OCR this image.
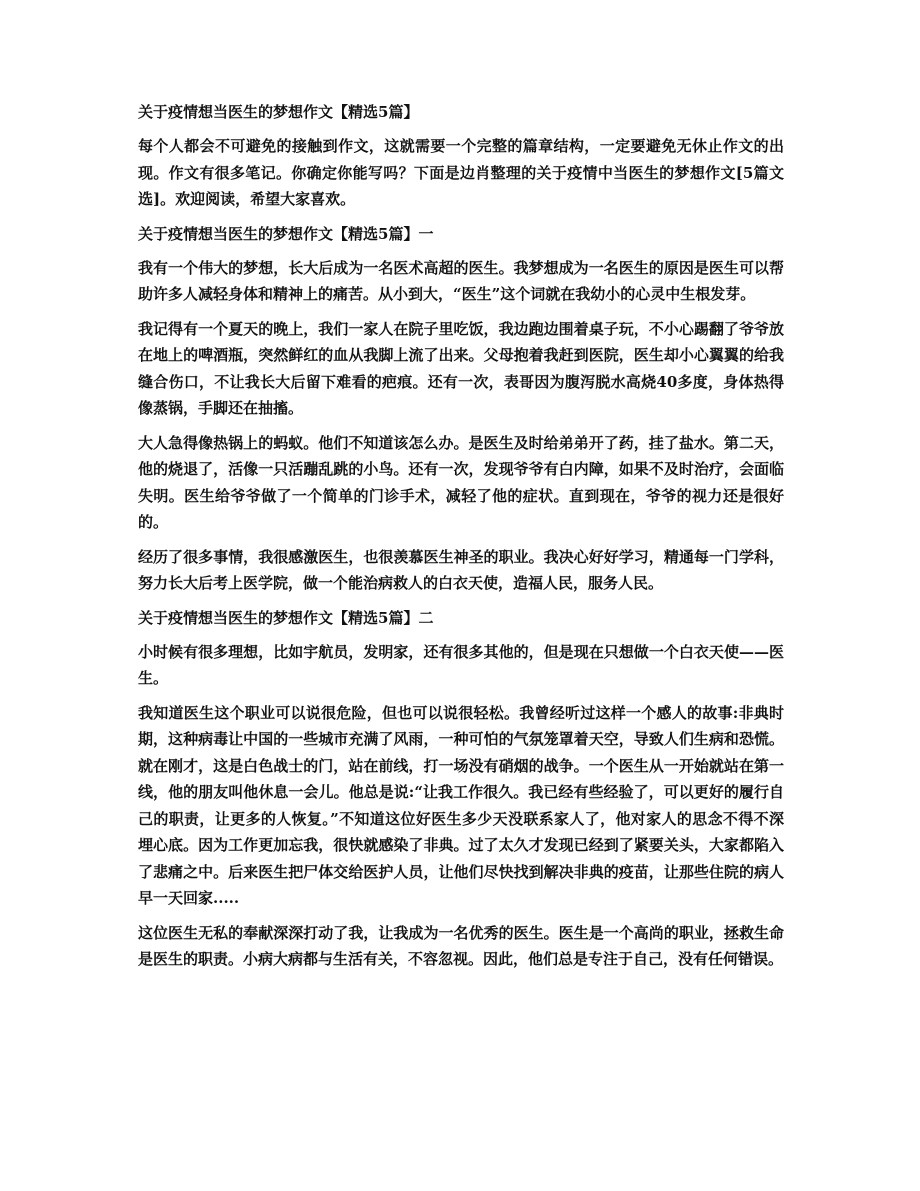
关于疫情想当医生的梦想作文【精选5篇】
每个人都会不可避免的接触到作文，这就需要一个完整的篇章结构，一定要避免无休止作文的出现。作文有很多笔记。你确定你能写吗？下面是边肖整理的关于疫情中当医生的梦想作文[5篇文选]。欢迎阅读，希望大家喜欢。
关于疫情想当医生的梦想作文【精选5篇】一
我有一个伟大的梦想，长大后成为一名医术高超的医生。我梦想成为一名医生的原因是医生可以帮助许多人减轻身体和精神上的痛苦。从小到大，“医生”这个词就在我幼小的心灵中生根发芽。
我记得有一个夏天的晚上，我们一家人在院子里吃饭，我边跑边围着桌子玩，不小心踢翻了爷爷放在地上的啤酒瓶，突然鲜红的血从我脚上流了出来。父母抱着我赶到医院，医生却小心翼翼的给我缝合伤口，不让我长大后留下难看的疤痕。还有一次，表哥因为腹泻脱水高烧40多度，身体热得像蒸锅，手脚还在抽搐。
大人急得像热锅上的蚂蚁。他们不知道该怎么办。是医生及时给弟弟开了药，挂了盐水。第二天，他的烧退了，活像一只活蹦乱跳的小鸟。还有一次，发现爷爷有白内障，如果不及时治疗，会面临失明。医生给爷爷做了一个简单的门诊手术，减轻了他的症状。直到现在，爷爷的视力还是很好的。
经历了很多事情，我很感激医生，也很羡慕医生神圣的职业。我决心好好学习，精通每一门学科，努力长大后考上医学院，做一个能治病救人的白衣天使，造福人民，服务人民。
关于疫情想当医生的梦想作文【精选5篇】二
小时候有很多理想，比如宇航员，发明家，还有很多其他的，但是现在只想做一个白衣天使——医生。
我知道医生这个职业可以说很危险，但也可以说很轻松。我曾经听过这样一个感人的故事:非典时期，这种病毒让中国的一些城市充满了风雨，一种可怕的气氛笼罩着天空，导致人们生病和恐慌。就在刚才，这是白色战士的门，站在前线，打一场没有硝烟的战争。一个医生从一开始就站在第一线，他的朋友叫他休息一会儿。他总是说:“让我工作很久。我已经有些经验了，可以更好的履行自己的职责，让更多的人恢复。”不知道这位好医生多少天没联系家人了，他对家人的思念不得不深埋心底。因为工作更加忘我，很快就感染了非典。过了太久才发现已经到了紧要关头，大家都陷入了悲痛之中。后来医生把尸体交给医护人员，让他们尽快找到解决非典的疫苗，让那些住院的病人早一天回家.....
这位医生无私的奉献深深打动了我，让我成为一名优秀的医生。医生是一个高尚的职业，拯救生命是医生的职责。小病大病都与生活有关，不容忽视。因此，他们总是专注于自己，没有任何错误。
